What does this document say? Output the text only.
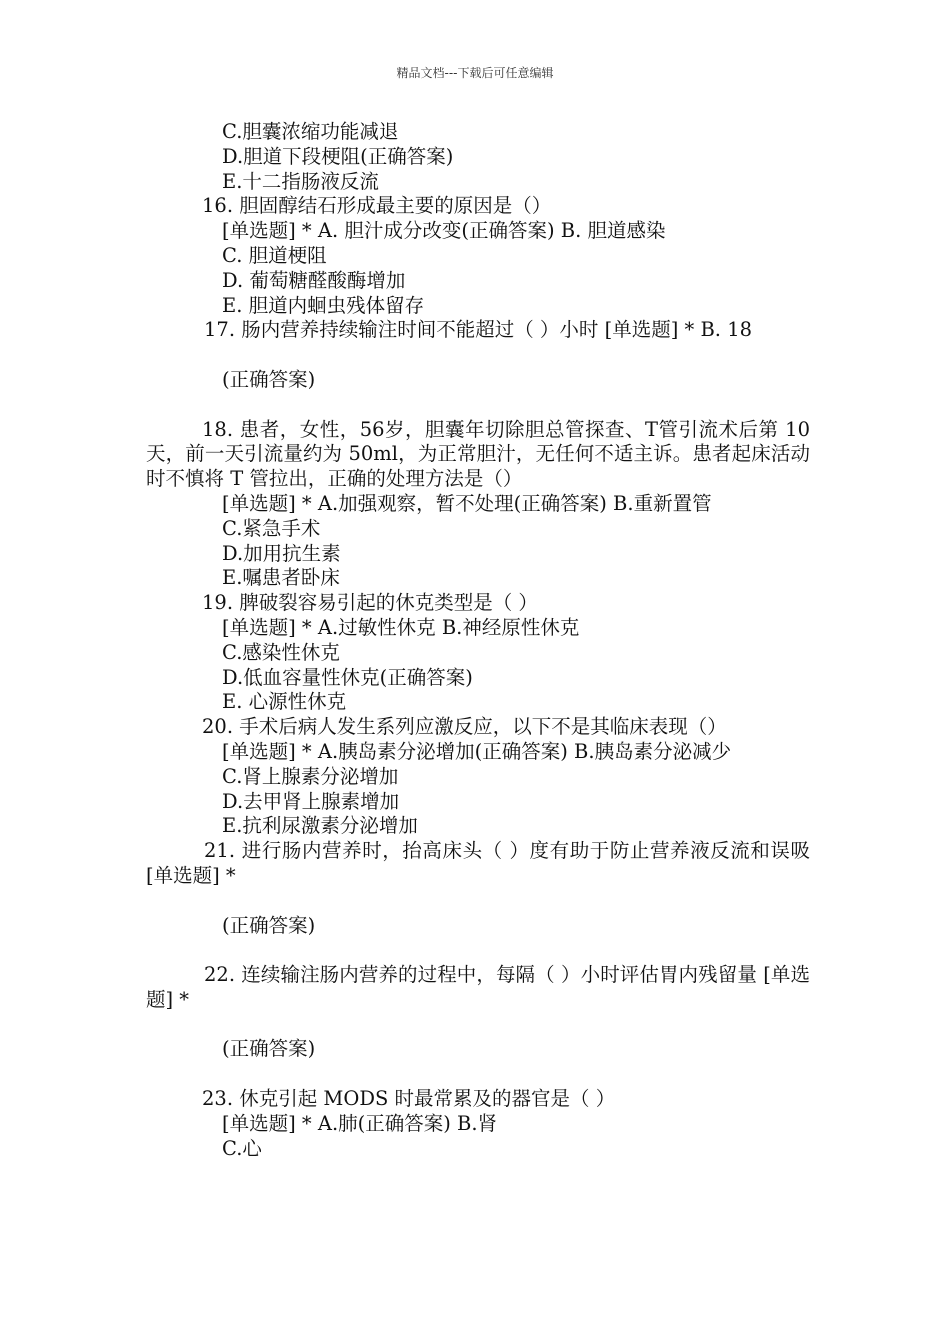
精品文档---下载后可任意编辑
C.胆囊浓缩功能减退
D.胆道下段梗阻(正确答案)
E.十二指肠液反流
16. 胆固醇结石形成最主要的原因是（）
[单选题] * A. 胆汁成分改变(正确答案) B. 胆道感染
C. 胆道梗阻
D. 葡萄糖醛酸酶增加
E. 胆道内蛔虫残体留存
17. 肠内营养持续输注时间不能超过（ ）小时 [单选题] * B. 18
(正确答案)
18. 患者，女性，56岁，胆囊年切除胆总管探查、T管引流术后第 10天，前一天引流量约为 50ml，为正常胆汁，无任何不适主诉。患者起床活动时不慎将 T 管拉出，正确的处理方法是（）
[单选题] * A.加强观察，暂不处理(正确答案) B.重新置管
C.紧急手术
D.加用抗生素
E.嘱患者卧床
19. 脾破裂容易引起的休克类型是（ ）
[单选题] * A.过敏性休克 B.神经原性休克
C.感染性休克
D.低血容量性休克(正确答案)
E. 心源性休克
20. 手术后病人发生系列应激反应，以下不是其临床表现（）
[单选题] * A.胰岛素分泌增加(正确答案) B.胰岛素分泌减少
C.肾上腺素分泌增加
D.去甲肾上腺素增加
E.抗利尿激素分泌增加
21. 进行肠内营养时，抬高床头（ ）度有助于防止营养液反流和误吸 [单选题] *
(正确答案)
22. 连续输注肠内营养的过程中，每隔（ ）小时评估胃内残留量 [单选题] *
(正确答案)
23. 休克引起 MODS 时最常累及的器官是（ ）
[单选题] * A.肺(正确答案) B.肾
C.心
